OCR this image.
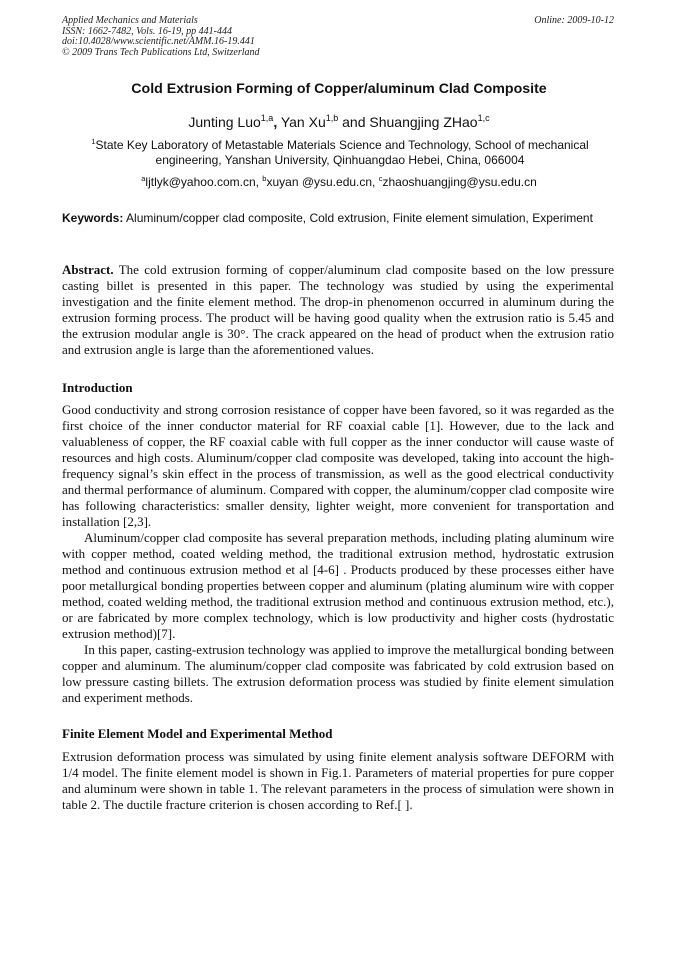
Applied Mechanics and Materials
ISSN: 1662-7482, Vols. 16-19, pp 441-444
doi:10.4028/www.scientific.net/AMM.16-19.441
© 2009 Trans Tech Publications Ltd, Switzerland
Online: 2009-10-12
Cold Extrusion Forming of Copper/aluminum Clad Composite
Junting Luo$^{1,a}$, Yan Xu$^{1,b}$ and Shuangjing ZHao$^{1,c}$
$^1$State Key Laboratory of Metastable Materials Science and Technology, School of mechanical engineering, Yanshan University, Qinhuangdao Hebei, China, 066004
$^a$ljtlyk@yahoo.com.cn, $^b$xuyan @ysu.edu.cn, $^c$zhaoshuangjing@ysu.edu.cn
Keywords: Aluminum/copper clad composite, Cold extrusion, Finite element simulation, Experiment

Abstract. The cold extrusion forming of copper/aluminum clad composite based on the low pressure casting billet is presented in this paper. The technology was studied by using the experimental investigation and the finite element method. The drop-in phenomenon occurred in aluminum during the extrusion forming process. The product will be having good quality when the extrusion ratio is 5.45 and the extrusion modular angle is 30°. The crack appeared on the head of product when the extrusion ratio and extrusion angle is large than the aforementioned values.

Introduction

Good conductivity and strong corrosion resistance of copper have been favored, so it was regarded as the first choice of the inner conductor material for RF coaxial cable [1]. However, due to the lack and valuableness of copper, the RF coaxial cable with full copper as the inner conductor will cause waste of resources and high costs. Aluminum/copper clad composite was developed, taking into account the high-frequency signal’s skin effect in the process of transmission, as well as the good electrical conductivity and thermal performance of aluminum. Compared with copper, the aluminum/copper clad composite wire has following characteristics: smaller density, lighter weight, more convenient for transportation and installation [2,3].

Aluminum/copper clad composite has several preparation methods, including plating aluminum wire with copper method, coated welding method, the traditional extrusion method, hydrostatic extrusion method and continuous extrusion method et al [4-6] . Products produced by these processes either have poor metallurgical bonding properties between copper and aluminum (plating aluminum wire with copper method, coated welding method, the traditional extrusion method and continuous extrusion method, etc.), or are fabricated by more complex technology, which is low productivity and higher costs (hydrostatic extrusion method)[7].

In this paper, casting-extrusion technology was applied to improve the metallurgical bonding between copper and aluminum. The aluminum/copper clad composite was fabricated by cold extrusion based on low pressure casting billets. The extrusion deformation process was studied by finite element simulation and experiment methods.

Finite Element Model and Experimental Method

Extrusion deformation process was simulated by using finite element analysis software DEFORM with 1/4 model. The finite element model is shown in Fig.1. Parameters of material properties for pure copper and aluminum were shown in table 1. The relevant parameters in the process of simulation were shown in table 2. The ductile fracture criterion is chosen according to Ref.[ ].
